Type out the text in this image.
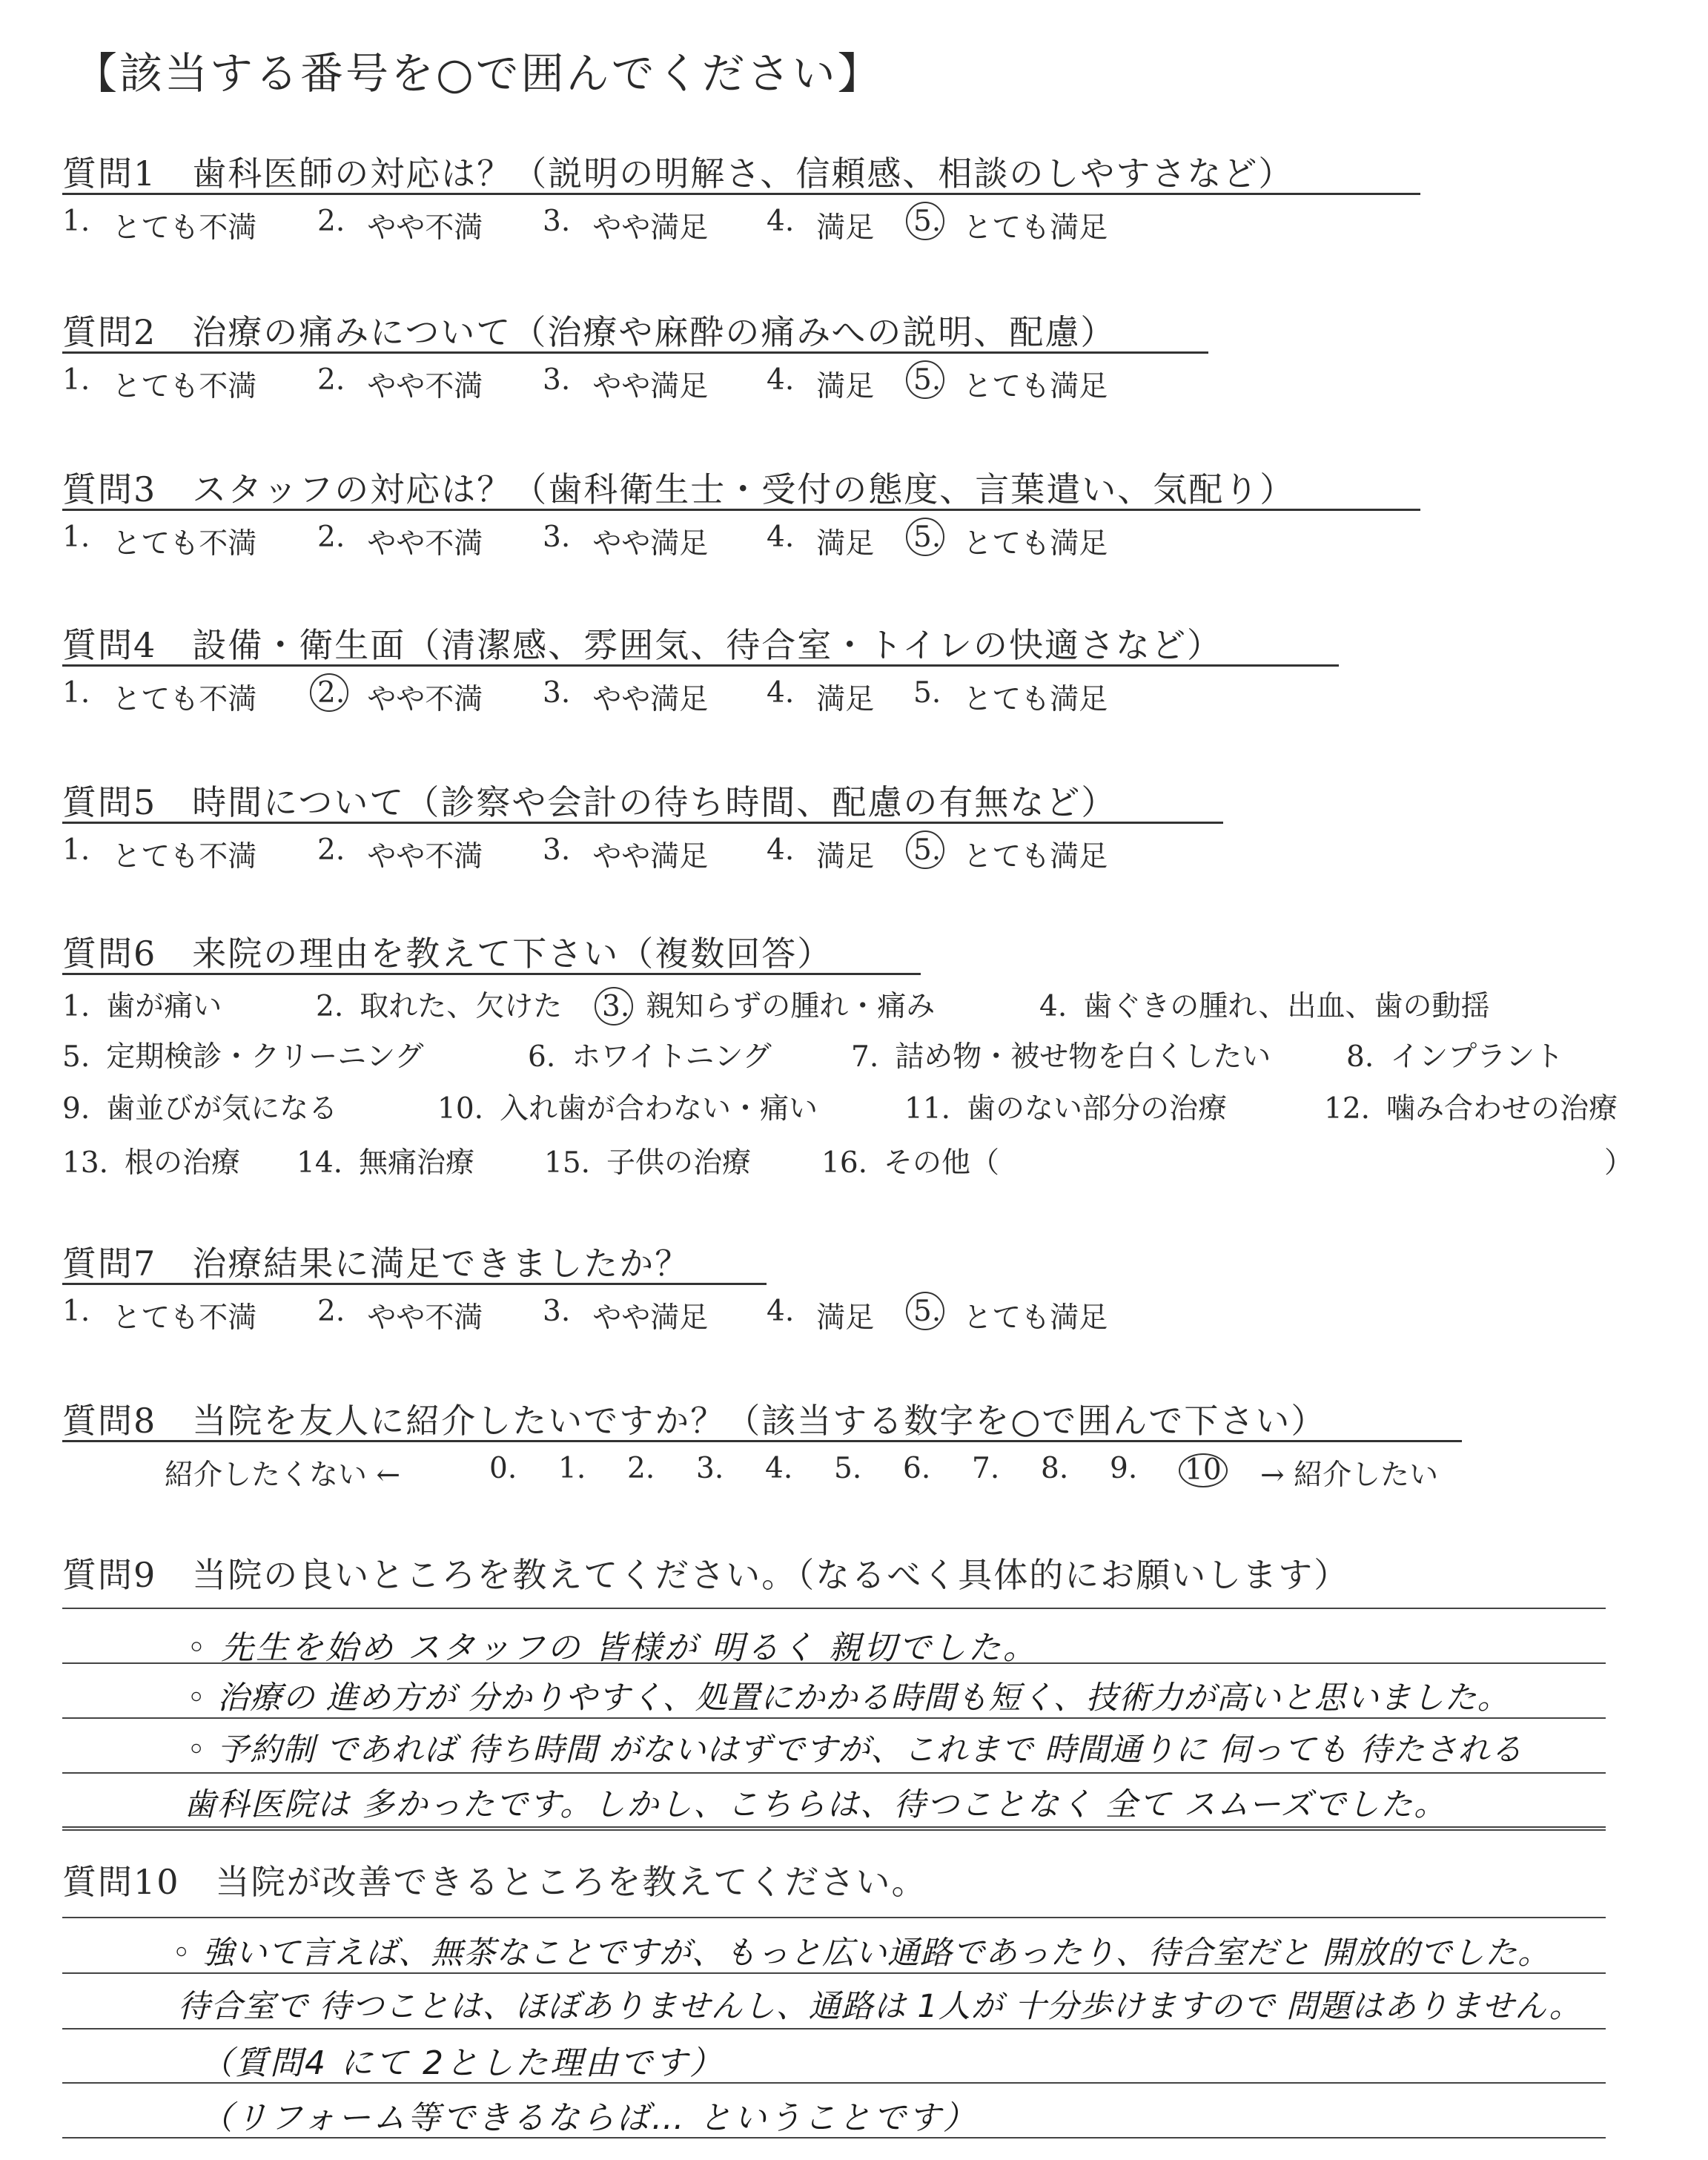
【該当する番号を○で囲んでください】
質問1　歯科医師の対応は？（説明の明解さ、信頼感、相談のしやすさなど）
1. とても不満 2. やや不満 3. やや満足 4. 満足 5. とても満足
質問2　治療の痛みについて（治療や麻酔の痛みへの説明、配慮）
1. とても不満 2. やや不満 3. やや満足 4. 満足 5. とても満足
質問3　スタッフの対応は？（歯科衛生士・受付の態度、言葉遣い、気配り）
1. とても不満 2. やや不満 3. やや満足 4. 満足 5. とても満足
質問4　設備・衛生面（清潔感、雰囲気、待合室・トイレの快適さなど）
1. とても不満 2. やや不満 3. やや満足 4. 満足 5. とても満足
質問5　時間について（診察や会計の待ち時間、配慮の有無など）
1. とても不満 2. やや不満 3. やや満足 4. 満足 5. とても満足
質問7　治療結果に満足できましたか？
1. とても不満 2. やや不満 3. やや満足 4. 満足 5. とても満足
質問6　来院の理由を教えて下さい（複数回答）
1. 歯が痛い	2. 取れた、欠けた 3. 親知らずの腫れ・痛み	4. 歯ぐきの腫れ、出血、歯の動揺
5. 定期検診・クリーニング	6. ホワイトニング	7. 詰め物・被せ物を白くしたい	8. インプラント
9. 歯並びが気になる	10. 入れ歯が合わない・痛い	11. 歯のない部分の治療	12. 噛み合わせの治療
13. 根の治療 14. 無痛治療 15. 子供の治療 16. その他（	）
質問8　当院を友人に紹介したいですか？（該当する数字を○で囲んで下さい）
紹介したくない ←	0. 1. 2. 3. 4. 5. 6. 7. 8. 9. 10 → 紹介したい
質問9　当院の良いところを教えてください。（なるべく具体的にお願いします）
◦ 先生を始め スタッフの 皆様が 明るく 親切でした。
◦ 治療の 進め方が 分かりやすく、処置にかかる時間も短く、技術力が高いと思いました。
◦ 予約制 であれば 待ち時間 がないはずですが、これまで 時間通りに 伺っても 待たされる
歯科医院は 多かったです。しかし、こちらは、待つことなく 全て スムーズでした。
質問10　当院が改善できるところを教えてください。
◦ 強いて言えば、無茶なことですが、もっと広い通路であったり、待合室だと 開放的でした。
待合室で 待つことは、ほぼありませんし、通路は 1人が 十分歩けますので 問題はありません。
（質問4 にて 2とした理由です）
（リフォーム等できるならば… ということです）
